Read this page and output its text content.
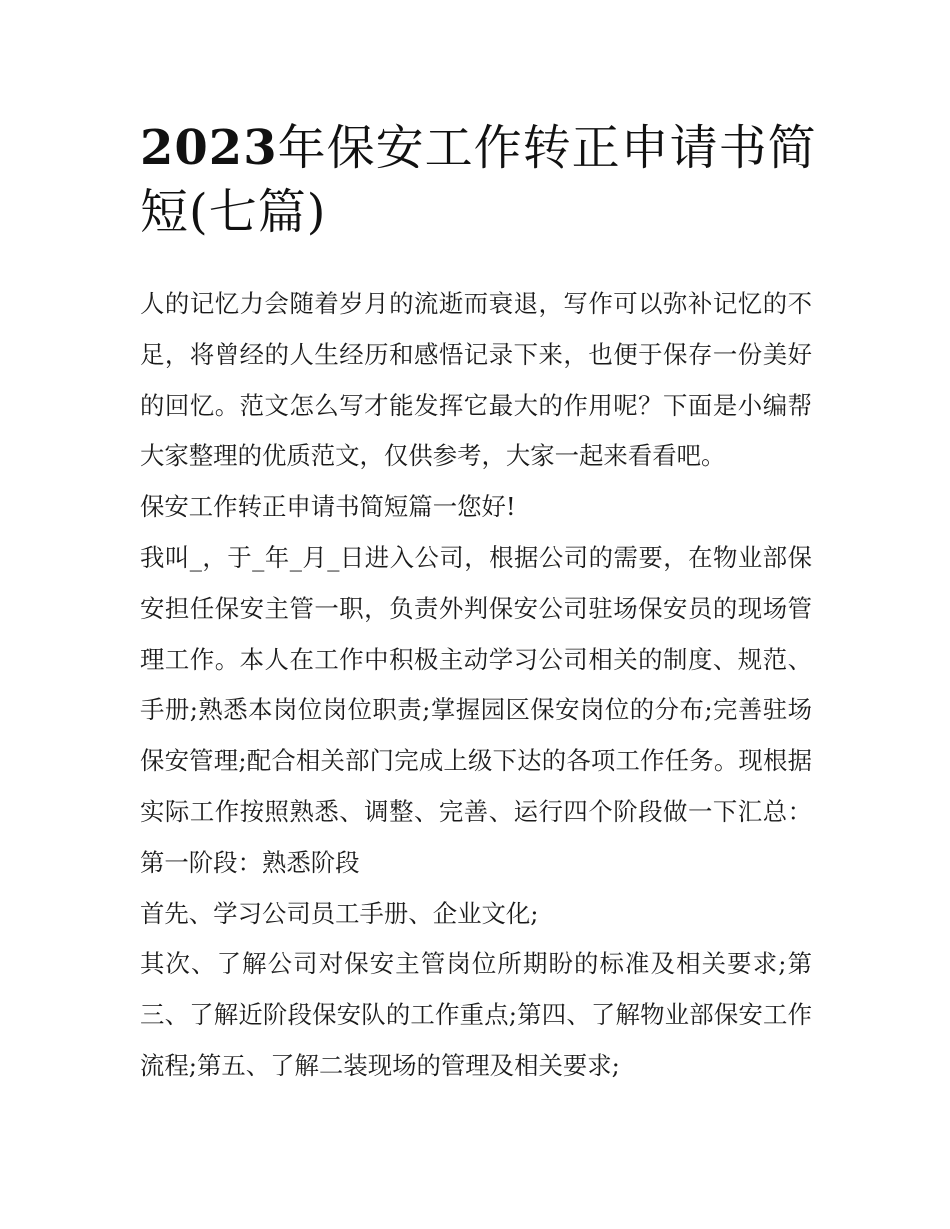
2023年保安工作转正申请书简短(七篇)

人的记忆力会随着岁月的流逝而衰退，写作可以弥补记忆的不足，将曾经的人生经历和感悟记录下来，也便于保存一份美好的回忆。范文怎么写才能发挥它最大的作用呢？下面是小编帮大家整理的优质范文，仅供参考，大家一起来看看吧。

保安工作转正申请书简短篇一您好!

我叫_，于_年_月_日进入公司，根据公司的需要，在物业部保安担任保安主管一职，负责外判保安公司驻场保安员的现场管理工作。本人在工作中积极主动学习公司相关的制度、规范、手册;熟悉本岗位岗位职责;掌握园区保安岗位的分布;完善驻场保安管理;配合相关部门完成上级下达的各项工作任务。现根据实际工作按照熟悉、调整、完善、运行四个阶段做一下汇总：第一阶段：熟悉阶段

首先、学习公司员工手册、企业文化;

其次、了解公司对保安主管岗位所期盼的标准及相关要求;第三、了解近阶段保安队的工作重点;第四、了解物业部保安工作流程;第五、了解二装现场的管理及相关要求;
